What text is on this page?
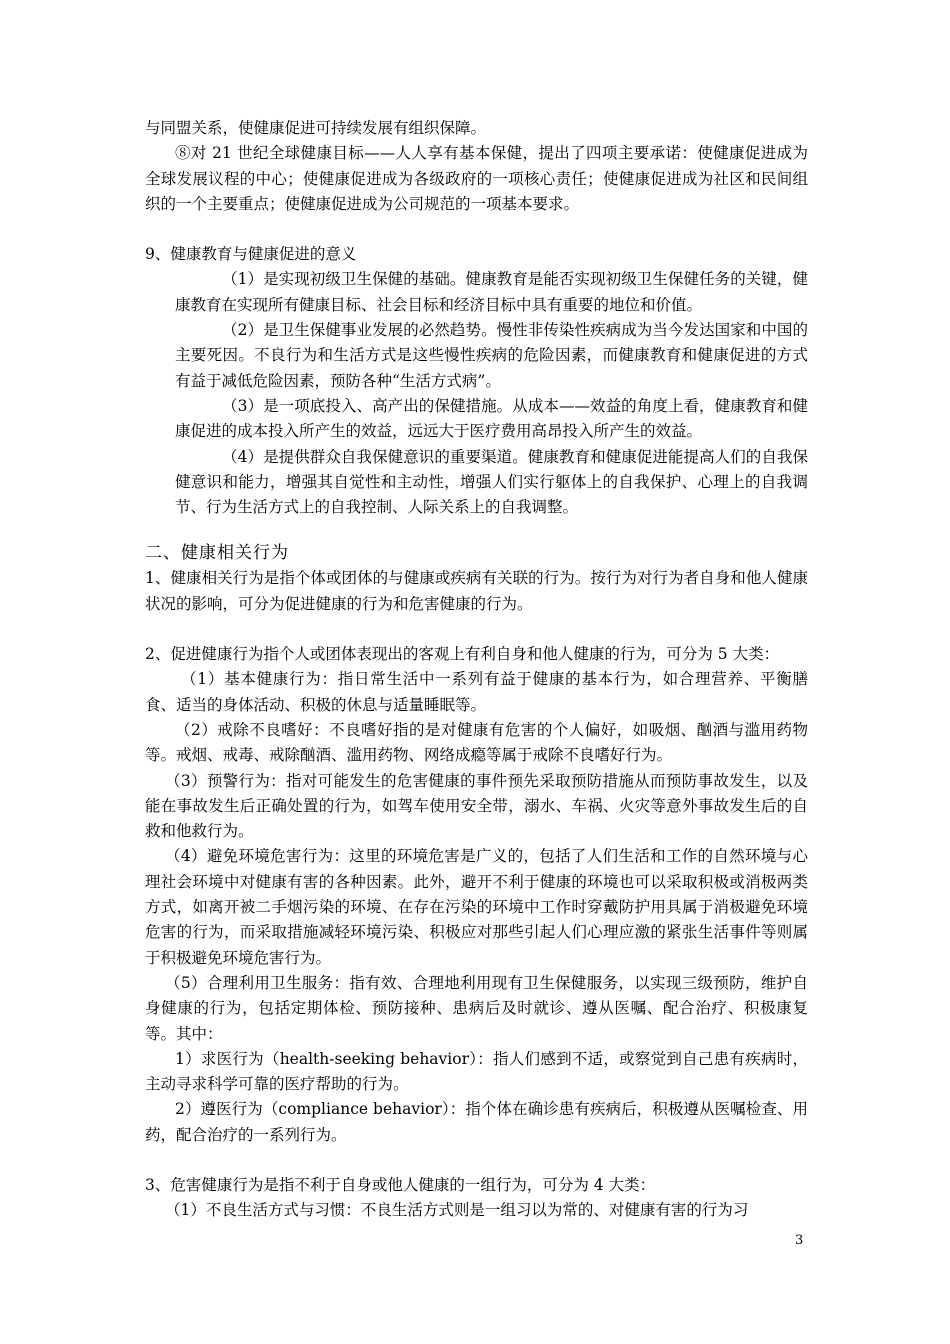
与同盟关系，使健康促进可持续发展有组织保障。

⑧对 21 世纪全球健康目标——人人享有基本保健，提出了四项主要承诺：使健康促进成为全球发展议程的中心；使健康促进成为各级政府的一项核心责任；使健康促进成为社区和民间组织的一个主要重点；使健康促进成为公司规范的一项基本要求。

9、健康教育与健康促进的意义

（1）是实现初级卫生保健的基础。健康教育是能否实现初级卫生保健任务的关键，健康教育在实现所有健康目标、社会目标和经济目标中具有重要的地位和价值。

（2）是卫生保健事业发展的必然趋势。慢性非传染性疾病成为当今发达国家和中国的主要死因。不良行为和生活方式是这些慢性疾病的危险因素，而健康教育和健康促进的方式有益于减低危险因素，预防各种“生活方式病”。

（3）是一项底投入、高产出的保健措施。从成本——效益的角度上看，健康教育和健康促进的成本投入所产生的效益，远远大于医疗费用高昂投入所产生的效益。

（4）是提供群众自我保健意识的重要渠道。健康教育和健康促进能提高人们的自我保健意识和能力，增强其自觉性和主动性，增强人们实行躯体上的自我保护、心理上的自我调节、行为生活方式上的自我控制、人际关系上的自我调整。

二、健康相关行为

1、健康相关行为是指个体或团体的与健康或疾病有关联的行为。按行为对行为者自身和他人健康状况的影响，可分为促进健康的行为和危害健康的行为。

2、促进健康行为指个人或团体表现出的客观上有利自身和他人健康的行为，可分为 5 大类：

（1）基本健康行为：指日常生活中一系列有益于健康的基本行为，如合理营养、平衡膳食、适当的身体活动、积极的休息与适量睡眠等。

（2）戒除不良嗜好：不良嗜好指的是对健康有危害的个人偏好，如吸烟、酗酒与滥用药物等。戒烟、戒毒、戒除酗酒、滥用药物、网络成瘾等属于戒除不良嗜好行为。

（3）预警行为：指对可能发生的危害健康的事件预先采取预防措施从而预防事故发生，以及能在事故发生后正确处置的行为，如驾车使用安全带，溺水、车祸、火灾等意外事故发生后的自救和他救行为。

（4）避免环境危害行为：这里的环境危害是广义的，包括了人们生活和工作的自然环境与心理社会环境中对健康有害的各种因素。此外，避开不利于健康的环境也可以采取积极或消极两类方式，如离开被二手烟污染的环境、在存在污染的环境中工作时穿戴防护用具属于消极避免环境危害的行为，而采取措施减轻环境污染、积极应对那些引起人们心理应激的紧张生活事件等则属于积极避免环境危害行为。

（5）合理利用卫生服务：指有效、合理地利用现有卫生保健服务，以实现三级预防，维护自身健康的行为，包括定期体检、预防接种、患病后及时就诊、遵从医嘱、配合治疗、积极康复等。其中：

1）求医行为（health-seeking behavior）：指人们感到不适，或察觉到自己患有疾病时，主动寻求科学可靠的医疗帮助的行为。

2）遵医行为（compliance behavior）：指个体在确诊患有疾病后，积极遵从医嘱检查、用药，配合治疗的一系列行为。

3、危害健康行为是指不利于自身或他人健康的一组行为，可分为 4 大类：

（1）不良生活方式与习惯：不良生活方式则是一组习以为常的、对健康有害的行为习

3
